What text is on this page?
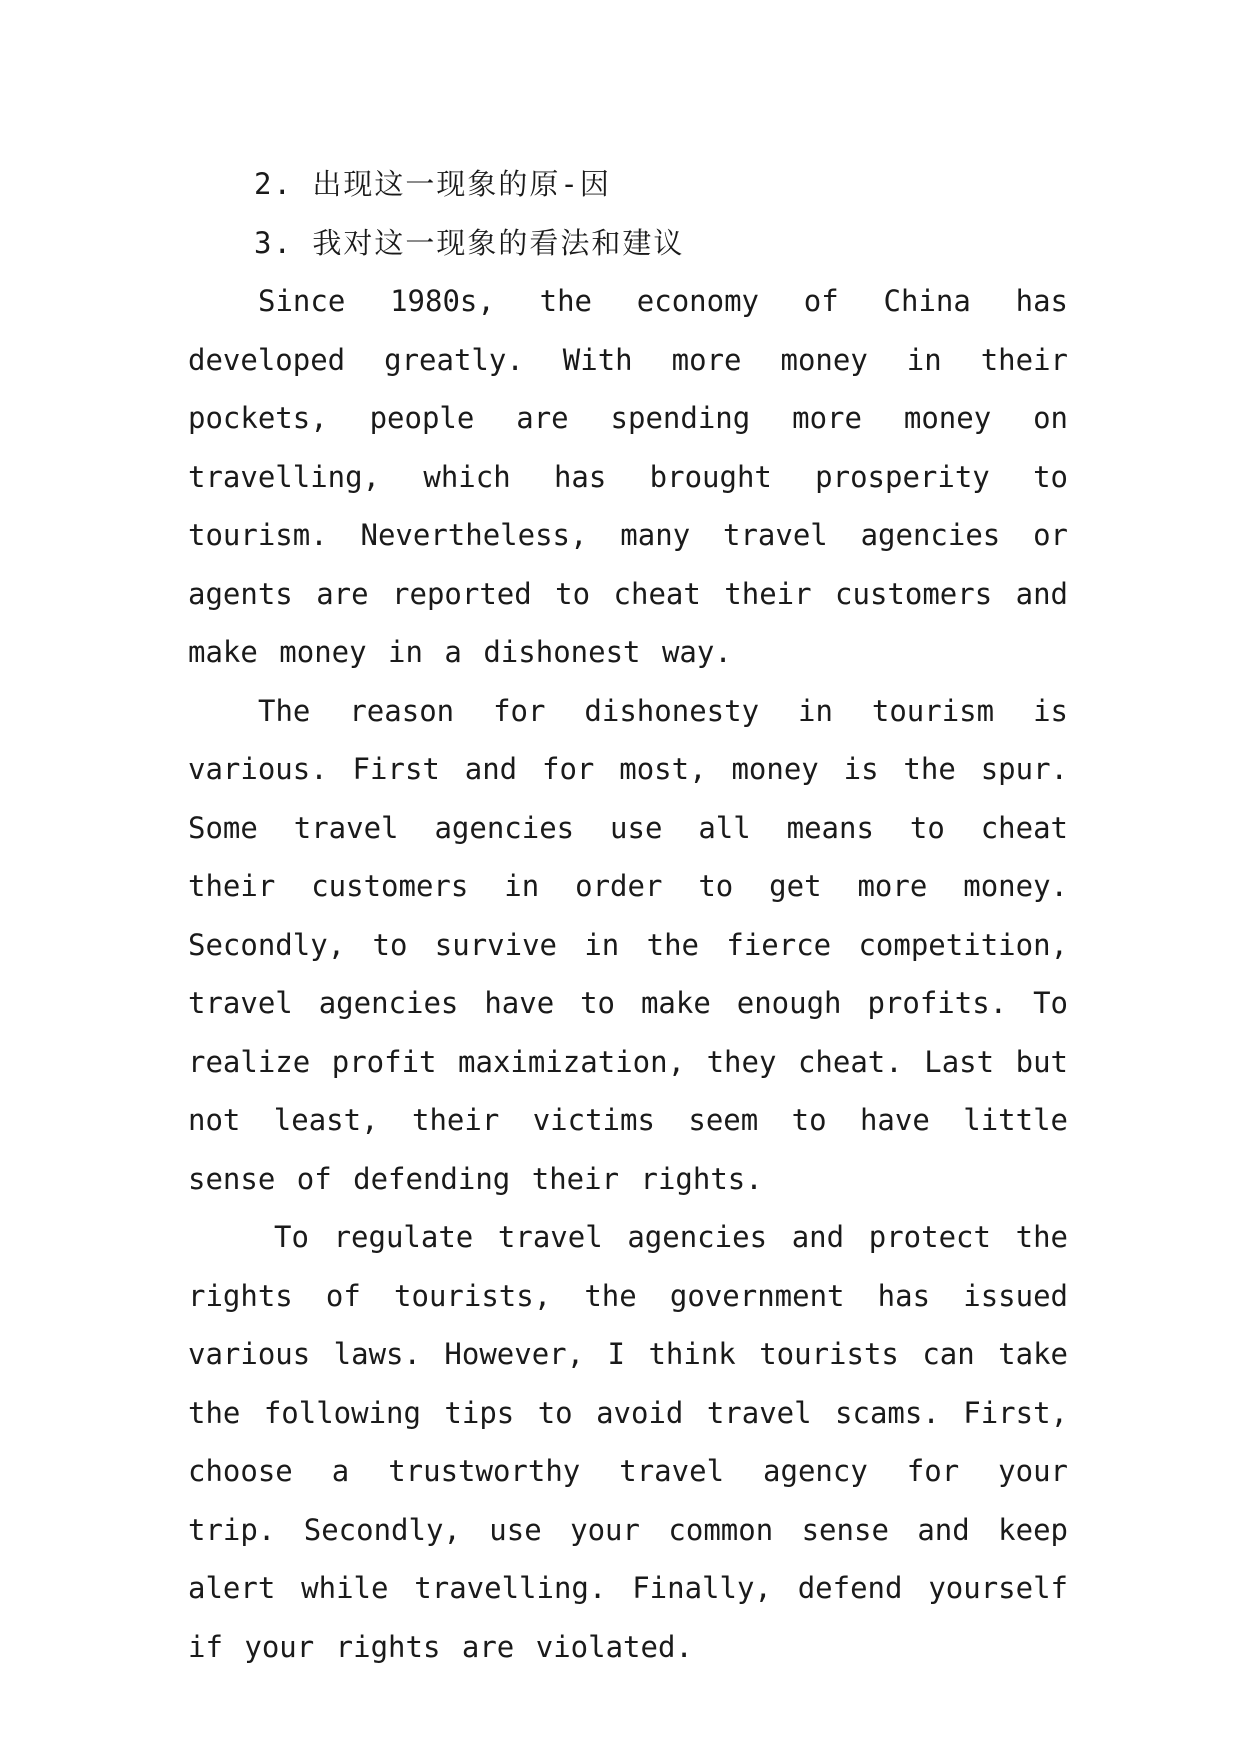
2. 出现这一现象的原-因

3. 我对这一现象的看法和建议

Since 1980s, the economy of China has developed greatly. With more money in their pockets, people are spending more money on travelling, which has brought prosperity to tourism. Nevertheless, many travel agencies or agents are reported to cheat their customers and make money in a dishonest way.

The reason for dishonesty in tourism is various. First and for most, money is the spur. Some travel agencies use all means to cheat their customers in order to get more money. Secondly, to survive in the fierce competition, travel agencies have to make enough profits. To realize profit maximization, they cheat. Last but not least, their victims seem to have little sense of defending their rights.

To regulate travel agencies and protect the rights of tourists, the government has issued various laws. However, I think tourists can take the following tips to avoid travel scams. First, choose a trustworthy travel agency for your trip. Secondly, use your common sense and keep alert while travelling. Finally, defend yourself if your rights are violated.
